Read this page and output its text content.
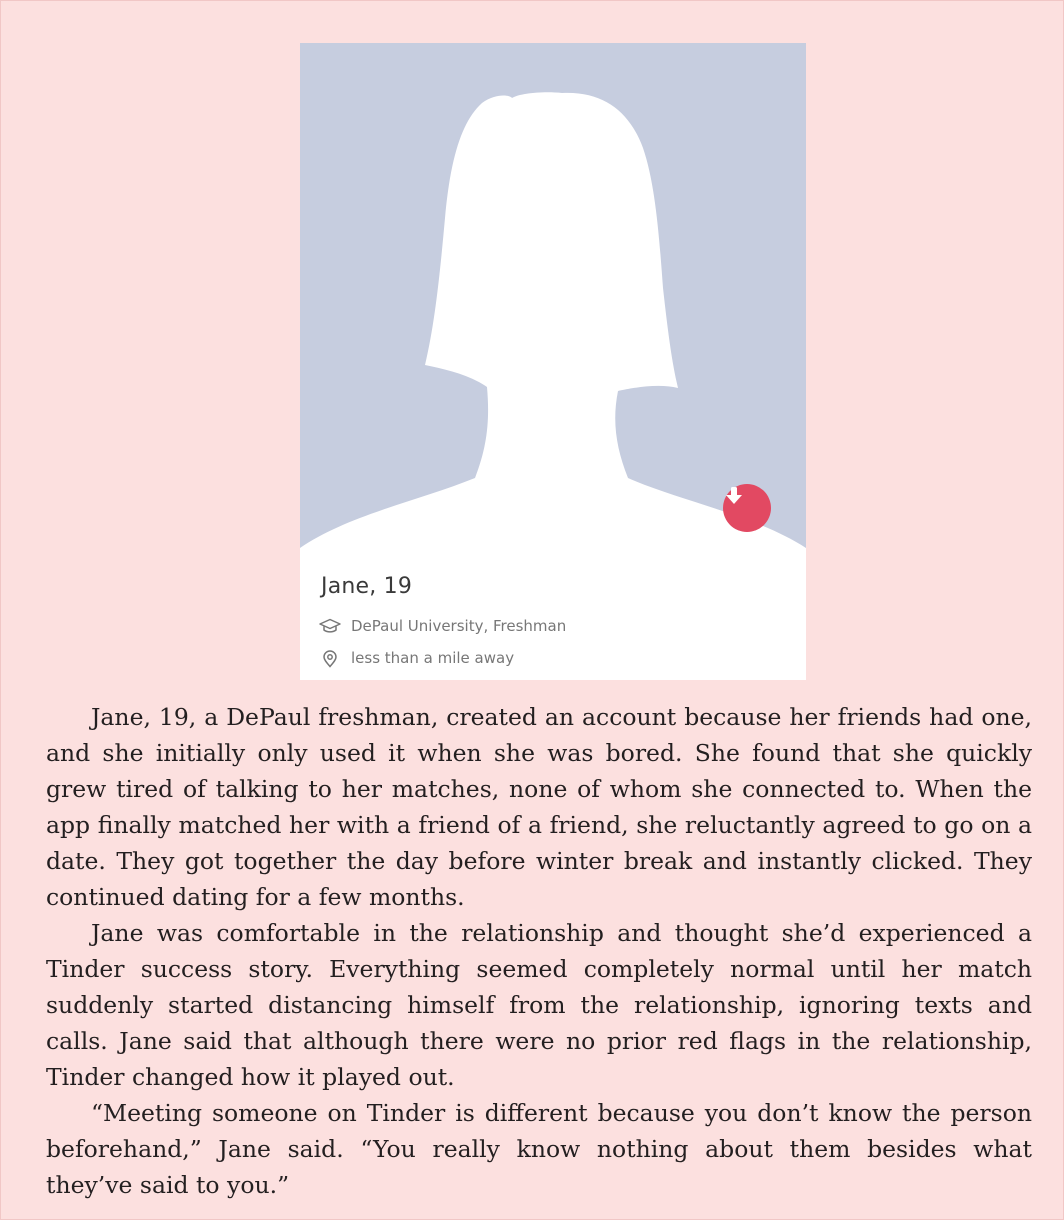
Jane, 19
DePaul University, Freshman
less than a mile away

Jane, 19, a DePaul freshman, created an account because her friends had one, and she initially only used it when she was bored. She found that she quickly grew tired of talking to her matches, none of whom she connected to. When the app finally matched her with a friend of a friend, she reluctantly agreed to go on a date. They got together the day before winter break and instantly clicked. They continued dating for a few months.

Jane was comfortable in the relationship and thought she’d experienced a Tinder success story. Everything seemed completely normal until her match suddenly started distancing himself from the relationship, ignoring texts and calls. Jane said that although there were no prior red flags in the relationship, Tinder changed how it played out.

“Meeting someone on Tinder is different because you don’t know the person beforehand,” Jane said. “You really know nothing about them besides what they’ve said to you.”
